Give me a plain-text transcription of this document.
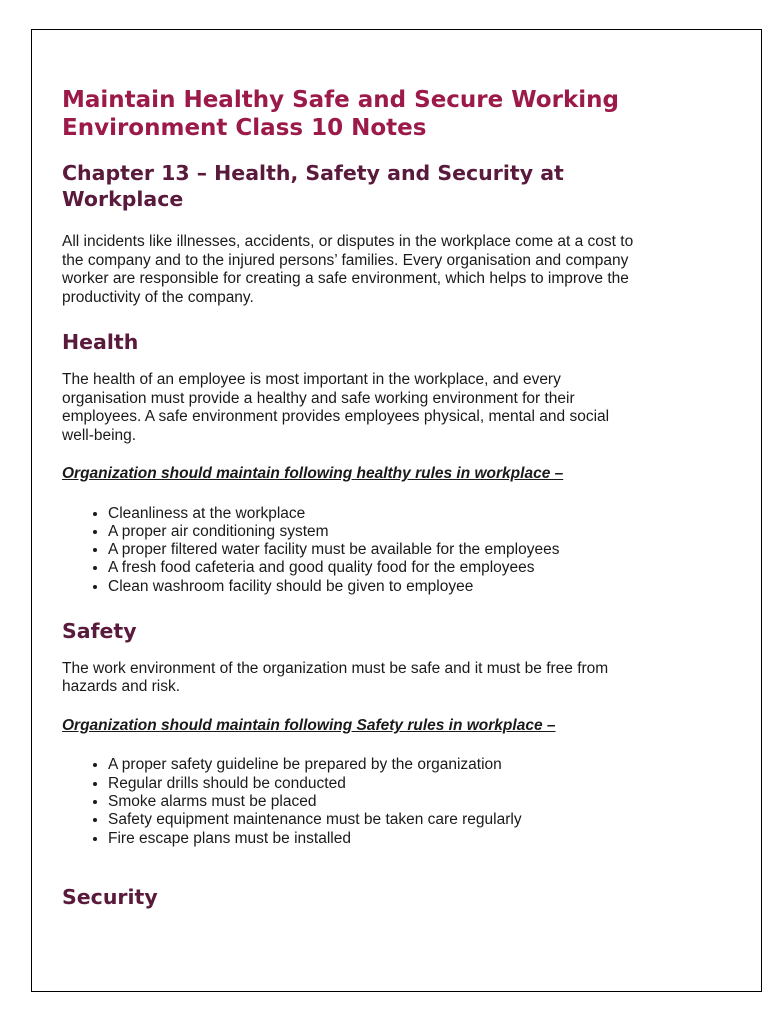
Maintain Healthy Safe and Secure Working Environment Class 10 Notes
Chapter 13 – Health, Safety and Security at Workplace

All incidents like illnesses, accidents, or disputes in the workplace come at a cost to the company and to the injured persons’ families. Every organisation and company worker are responsible for creating a safe environment, which helps to improve the productivity of the company.

Health

The health of an employee is most important in the workplace, and every organisation must provide a healthy and safe working environment for their employees. A safe environment provides employees physical, mental and social well-being.

Organization should maintain following healthy rules in workplace –

• Cleanliness at the workplace
• A proper air conditioning system
• A proper filtered water facility must be available for the employees
• A fresh food cafeteria and good quality food for the employees
• Clean washroom facility should be given to employee
Safety

The work environment of the organization must be safe and it must be free from hazards and risk.

Organization should maintain following Safety rules in workplace –

• A proper safety guideline be prepared by the organization
• Regular drills should be conducted
• Smoke alarms must be placed
• Safety equipment maintenance must be taken care regularly
• Fire escape plans must be installed
Security
